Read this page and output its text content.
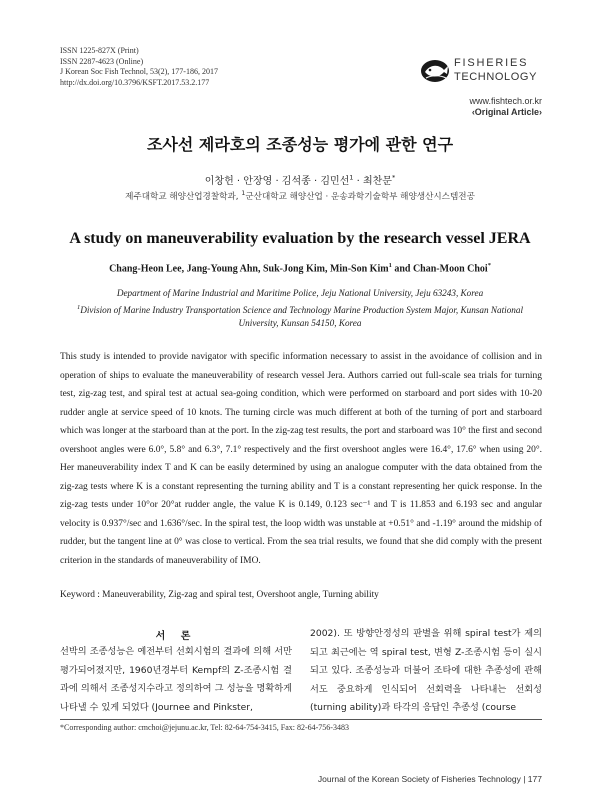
ISSN 1225-827X (Print)
ISSN 2287-4623 (Online)
J Korean Soc Fish Technol, 53(2), 177-186, 2017
http://dx.doi.org/10.3796/KSFT.2017.53.2.177
FISHERIES
TECHNOLOGY
www.fishtech.or.kr
‹Original Article›
조사선 제라호의 조종성능 평가에 관한 연구
이창헌 · 안장영 · 김석종 · 김민선$^1$ · 최찬문*
제주대학교 해양산업경찰학과, $^1$군산대학교 해양산업 · 운송과학기술학부 해양생산시스템전공
A study on maneuverability evaluation by the research vessel JERA
Chang-Heon Lee, Jang-Young Ahn, Suk-Jong Kim, Min-Son Kim$^1$ and Chan-Moon Choi*
Department of Marine Industrial and Maritime Police, Jeju National University, Jeju 63243, Korea
$^1$Division of Marine Industry Transportation Science and Technology Marine Production System Major, Kunsan National University, Kunsan 54150, Korea
This study is intended to provide navigator with specific information necessary to assist in the avoidance of collision and in operation of ships to evaluate the maneuverability of research vessel Jera. Authors carried out full-scale sea trials for turning test, zig-zag test, and spiral test at actual sea-going condition, which were performed on starboard and port sides with 10-20 rudder angle at service speed of 10 knots. The turning circle was much different at both of the turning of port and starboard which was longer at the starboard than at the port. In the zig-zag test results, the port and starboard was 10° the first and second overshoot angles were 6.0°, 5.8° and 6.3°, 7.1° respectively and the first overshoot angles were 16.4°, 17.6° when using 20°. Her maneuverability index T and K can be easily determined by using an analogue computer with the data obtained from the zig-zag tests where K is a constant representing the turning ability and T is a constant representing her quick response. In the zig-zag tests under 10°or 20°at rudder angle, the value K is 0.149, 0.123 sec⁻¹ and T is 11.853 and 6.193 sec and angular velocity is 0.937°/sec and 1.636°/sec. In the spiral test, the loop width was unstable at +0.51° and -1.19° around the midship of rudder, but the tangent line at 0° was close to vertical. From the sea trial results, we found that she did comply with the present criterion in the standards of maneuverability of IMO.
Keyword : Maneuverability, Zig-zag and spiral test, Overshoot angle, Turning ability
서 론
선박의 조종성능은 예전부터 선회시험의 결과에 의해 서만 평가되어졌지만, 1960년경부터 Kempf의 Z-조종시험 결과에 의해서 조종성지수라고 정의하여 그 성능을 명확하게 나타낼 수 있게 되었다 (Journee and Pinkster,
2002). 또 방향안정성의 판별을 위해 spiral test가 제의되고 최근에는 역 spiral test, 변형 Z-조종시험 등이 실시되고 있다. 조종성능과 더불어 조타에 대한 추종성에 관해서도 중요하게 인식되어 선회력을 나타내는 선회성(turning ability)과 타각의 응답인 추종성 (course
*Corresponding author: cmchoi@jejunu.ac.kr, Tel: 82-64-754-3415, Fax: 82-64-756-3483
Journal of the Korean Society of Fisheries Technology | 177
